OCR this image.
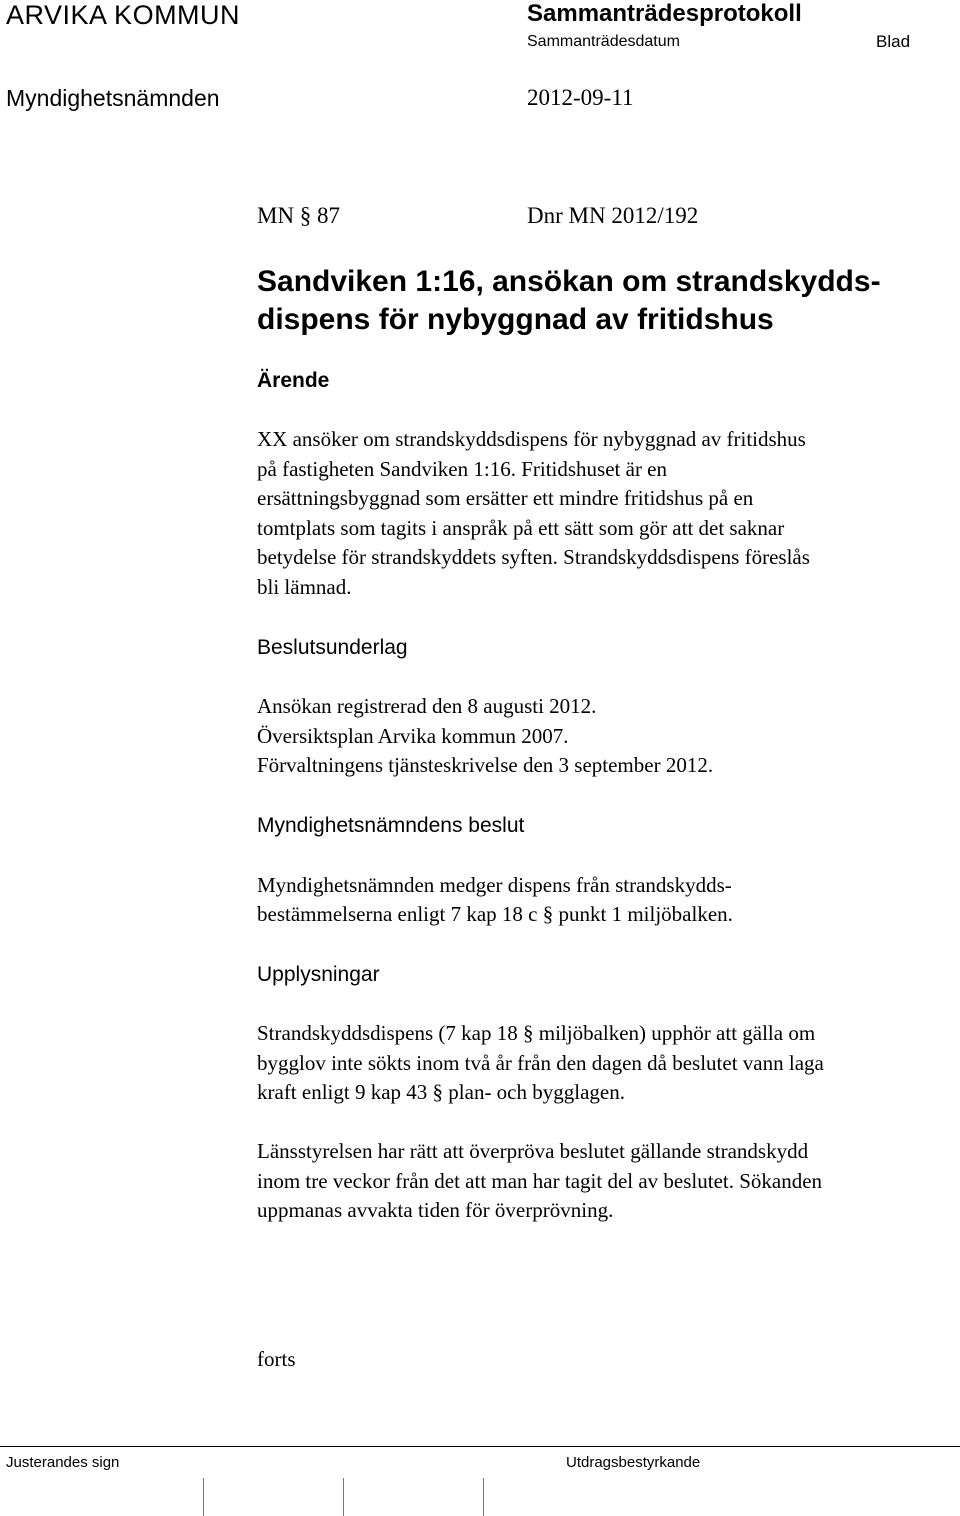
ARVIKA KOMMUN	Sammanträdesprotokoll
Sammanträdesdatum	Blad
Myndighetsnämnden	2012-09-11
MN § 87	Dnr MN 2012/192
Sandviken 1:16, ansökan om strandskydds-
dispens för nybyggnad av fritidshus
Ärende
XX ansöker om strandskyddsdispens för nybyggnad av fritidshus
på fastigheten Sandviken 1:16. Fritidshuset är en
ersättningsbyggnad som ersätter ett mindre fritidshus på en
tomtplats som tagits i anspråk på ett sätt som gör att det saknar
betydelse för strandskyddets syften. Strandskyddsdispens föreslås
bli lämnad.
Beslutsunderlag
Ansökan registrerad den 8 augusti 2012.
Översiktsplan Arvika kommun 2007.
Förvaltningens tjänsteskrivelse den 3 september 2012.
Myndighetsnämndens beslut
Myndighetsnämnden medger dispens från strandskydds-
bestämmelserna enligt 7 kap 18 c § punkt 1 miljöbalken.
Upplysningar
Strandskyddsdispens (7 kap 18 § miljöbalken) upphör att gälla om
bygglov inte sökts inom två år från den dagen då beslutet vann laga
kraft enligt 9 kap 43 § plan- och bygglagen.
Länsstyrelsen har rätt att överpröva beslutet gällande strandskydd
inom tre veckor från det att man har tagit del av beslutet. Sökanden
uppmanas avvakta tiden för överprövning.
forts
Justerandes sign	Utdragsbestyrkande
